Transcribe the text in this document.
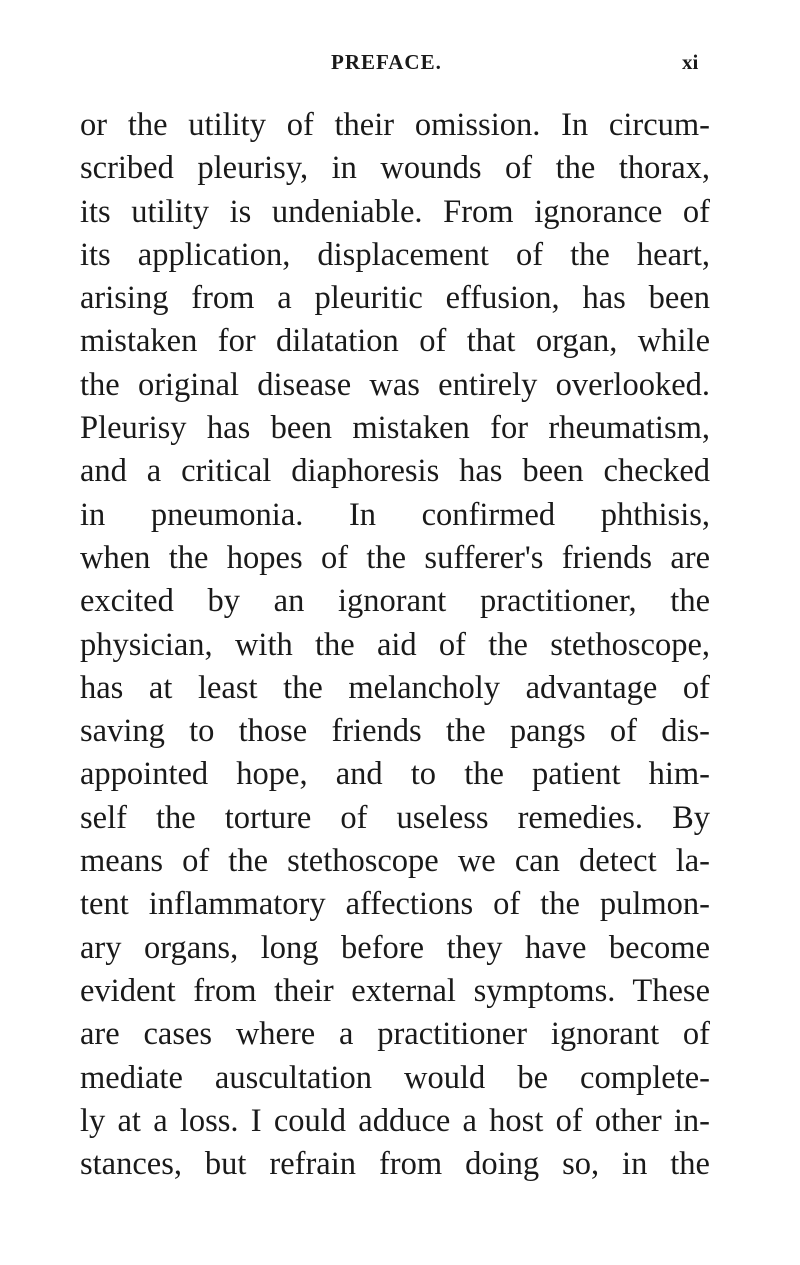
PREFACE.	xi
or the utility of their omission. In circum-
scribed pleurisy, in wounds of the thorax,
its utility is undeniable. From ignorance of
its application, displacement of the heart,
arising from a pleuritic effusion, has been
mistaken for dilatation of that organ, while
the original disease was entirely overlooked.
Pleurisy has been mistaken for rheumatism,
and a critical diaphoresis has been checked
in pneumonia. In confirmed phthisis,
when the hopes of the sufferer's friends are
excited by an ignorant practitioner, the
physician, with the aid of the stethoscope,
has at least the melancholy advantage of
saving to those friends the pangs of dis-
appointed hope, and to the patient him-
self the torture of useless remedies. By
means of the stethoscope we can detect la-
tent inflammatory affections of the pulmon-
ary organs, long before they have become
evident from their external symptoms. These
are cases where a practitioner ignorant of
mediate auscultation would be complete-
ly at a loss. I could adduce a host of other in-
stances, but refrain from doing so, in the
